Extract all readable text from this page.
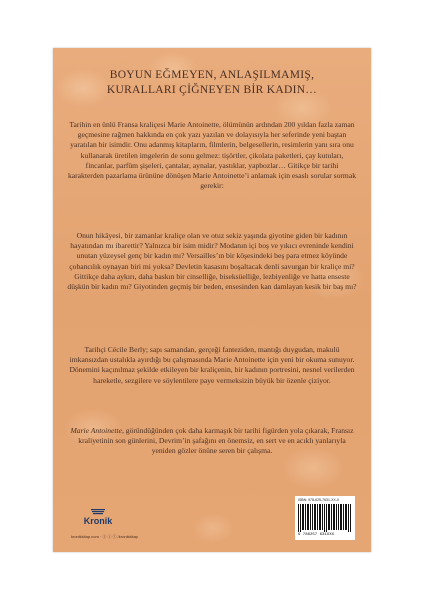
BOYUN EĞMEYEN, ANLAŞILMAMIŞ,
KURALLARI ÇİĞNEYEN BİR KADIN…

Tarihin en ünlü Fransa kraliçesi Marie Antoinette, ölümünün ardından 200 yıldan fazla zaman geçmesine rağmen hakkında en çok yazı yazılan ve dolayısıyla her seferinde yeni baştan yaratılan bir isimdir. Onu adanmış kitapların, filmlerin, belgesellerin, resimlerin yanı sıra onu kullanarak üretilen imgelerin de sonu gelmez: tişörtler, çikolata paketleri, çay kutuları, fincanlar, parfüm şişeleri, çantalar, aynalar, yastıklar, yapbozlar… Gitikçe bir tarihi karakterden pazarlama ürününe dönüşen Marie Antoinette’i anlamak için esaslı sorular sormak gerekir:

Onun hikâyesi, bir zamanlar kraliçe olan ve otuz sekiz yaşında giyotine giden bir kadının hayatından mı ibarettir? Yalnızca bir isim midir? Modanın içi boş ve yıkıcı evreninde kendini unutan yüzeysel genç bir kadın mı? Versailles’ın bir köşesindeki beş para etmez köyünde çobancılık oynayan biri mi yoksa? Devletin kasasını boşaltacak denli savurgan bir kraliçe mi? Gittikçe daha aykırı, daha baskın bir cinselliğe, biseksüelliğe, lezbiyenliğe ve hatta enseste düşkün bir kadın mı? Giyotinden geçmiş bir beden, ensesinden kan damlayan kesik bir baş mı?

Tarihçi Cécile Berly; sapı samandan, gerçeği fanteziden, mantığı duygudan, makulü imkansızdan ustalıkla ayırdığı bu çalışmasında Marie Antoinette için yeni bir okuma sunuyor. Dönemini kaçınılmaz şekilde etkileyen bir kraliçenin, bir kadının portresini, nesnel verilerden hareketle, sezgilere ve söylentilere paye vermeksizin büyük bir özenle çiziyor.

Marie Antoinette, göründüğünden çok daha karmaşık bir tarihi figürden yola çıkarak, Fransız kraliyetinin son günlerini, Devrim’in şafağını en önemsiz, en sert ve en acıklı yanlarıyla yeniden gözler önüne seren bir çalışma.

Kronik
kronikkitap.com · ⓕ ⓘ ⓣ /kronikkitap
ISBN: 978-625-7631-XX-X
9 786257 631XXX
